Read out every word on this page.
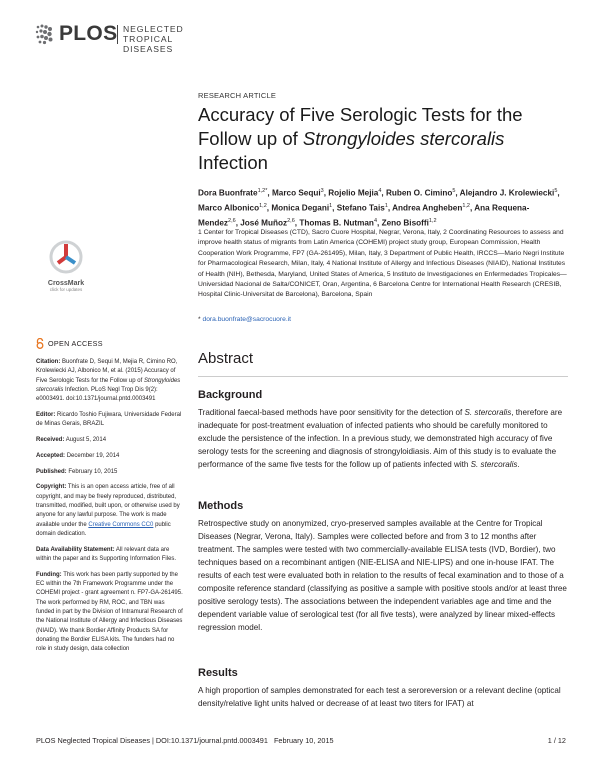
PLOS NEGLECTED
TROPICAL DISEASES
RESEARCH ARTICLE
Accuracy of Five Serologic Tests for the Follow up of Strongyloides stercoralis Infection
Dora Buonfrate$^{1,2*}$, Marco Sequi$^3$, Rojelio Mejia$^4$, Ruben O. Cimino$^5$, Alejandro J. Krolewiecki$^5$, Marco Albonico$^{1,2}$, Monica Degani$^1$, Stefano Tais$^1$, Andrea Angheben$^{1,2}$, Ana Requena-Mendez$^{2,6}$, José Muñoz$^{2,6}$, Thomas B. Nutman$^4$, Zeno Bisoffi$^{1,2}$
1 Center for Tropical Diseases (CTD), Sacro Cuore Hospital, Negrar, Verona, Italy, 2 Coordinating Resources to assess and improve health status of migrants from Latin America (COHEMI) project study group, European Commission, Health Cooperation Work Programme, FP7 (GA-261495), Milan, Italy, 3 Department of Public Health, IRCCS—Mario Negri Institute for Pharmacological Research, Milan, Italy, 4 National Institute of Allergy and Infectious Diseases (NIAID), National Institutes of Health (NIH), Bethesda, Maryland, United States of America, 5 Instituto de Investigaciones en Enfermedades Tropicales—Universidad Nacional de Salta/CONICET, Oran, Argentina, 6 Barcelona Centre for International Health Research (CRESIB, Hospital Clinic-Universitat de Barcelona), Barcelona, Spain
* dora.buonfrate@sacrocuore.it
CrossMark
click for updates
OPEN ACCESS

Citation: Buonfrate D, Sequi M, Mejia R, Cimino RO, Krolewiecki AJ, Albonico M, et al. (2015) Accuracy of Five Serologic Tests for the Follow up of Strongyloides stercoralis Infection. PLoS Negl Trop Dis 9(2): e0003491. doi:10.1371/journal.pntd.0003491

Editor: Ricardo Toshio Fujiwara, Universidade Federal de Minas Gerais, BRAZIL

Received: August 5, 2014

Accepted: December 19, 2014

Published: February 10, 2015

Copyright: This is an open access article, free of all copyright, and may be freely reproduced, distributed, transmitted, modified, built upon, or otherwise used by anyone for any lawful purpose. The work is made available under the Creative Commons CC0 public domain dedication.

Data Availability Statement: All relevant data are within the paper and its Supporting Information Files.

Funding: This work has been partly supported by the EC within the 7th Framework Programme under the COHEMI project - grant agreement n. FP7-GA-261495. The work performed by RM, ROC, and TBN was funded in part by the Division of Intramural Research of the National Institute of Allergy and Infectious Diseases (NIAID). We thank Bordier Affinity Products SA for donating the Bordier ELISA kits. The funders had no role in study design, data collection

Abstract
Background
Traditional faecal-based methods have poor sensitivity for the detection of S. stercoralis, therefore are inadequate for post-treatment evaluation of infected patients who should be carefully monitored to exclude the persistence of the infection. In a previous study, we demonstrated high accuracy of five serology tests for the screening and diagnosis of strongyloidiasis. Aim of this study is to evaluate the performance of the same five tests for the follow up of patients infected with S. stercoralis.
Methods
Retrospective study on anonymized, cryo-preserved samples available at the Centre for Tropical Diseases (Negrar, Verona, Italy). Samples were collected before and from 3 to 12 months after treatment. The samples were tested with two commercially-available ELISA tests (IVD, Bordier), two techniques based on a recombinant antigen (NIE-ELISA and NIE-LIPS) and one in-house IFAT. The results of each test were evaluated both in relation to the results of fecal examination and to those of a composite reference standard (classifying as positive a sample with positive stools and/or at least three positive serology tests). The associations between the independent variables age and time and the dependent variable value of serological test (for all five tests), were analyzed by linear mixed-effects regression model.
Results
A high proportion of samples demonstrated for each test a seroreversion or a relevant decline (optical density/relative light units halved or decrease of at least two titers for IFAT) at
PLOS Neglected Tropical Diseases | DOI:10.1371/journal.pntd.0003491   February 10, 2015	1 / 12
